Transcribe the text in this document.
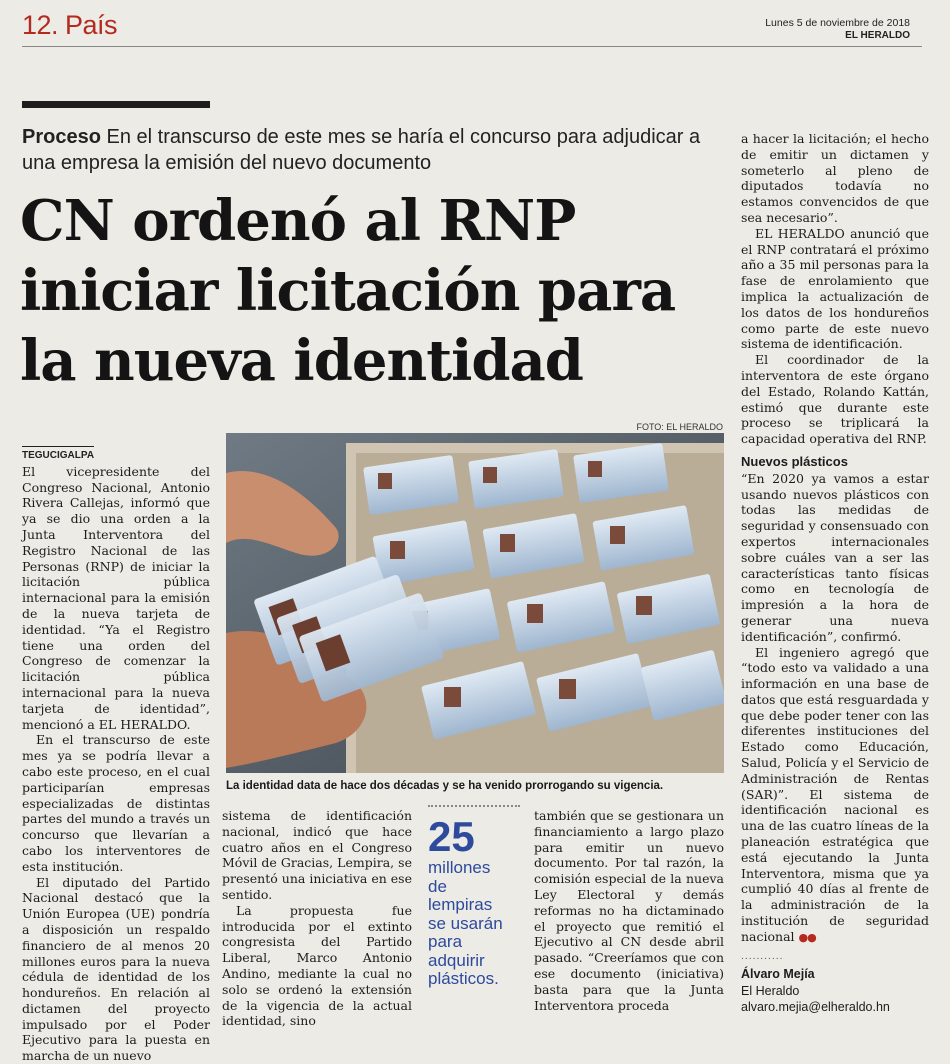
12. País	Lunes 5 de noviembre de 2018
EL HERALDO
Proceso En el transcurso de este mes se haría el concurso para adjudicar a una empresa la emisión del nuevo documento
CN ordenó al RNP
iniciar licitación para
la nueva identidad
TEGUCIGALPA

El vicepresidente del Congreso Nacional, Antonio Rivera Callejas, informó que ya se dio una orden a la Junta Interventora del Registro Nacional de las Personas (RNP) de iniciar la licitación pública internacional para la emisión de la nueva tarjeta de identidad. “Ya el Registro tiene una orden del Congreso de comenzar la licitación pública internacional para la nueva tarjeta de identidad”, mencionó a EL HERALDO.

En el transcurso de este mes ya se podría llevar a cabo este proceso, en el cual participarían empresas especializadas de distintas partes del mundo a través un concurso que llevarían a cabo los interventores de esta institución.

El diputado del Partido Nacional destacó que la Unión Europea (UE) pondría a disposición un respaldo financiero de al menos 20 millones euros para la nueva cédula de identidad de los hondureños. En relación al dictamen del proyecto impulsado por el Poder Ejecutivo para la puesta en marcha de un nuevo

FOTO: EL HERALDO
La identidad data de hace dos décadas y se ha venido prorrogando su vigencia.

sistema de identificación nacional, indicó que hace cuatro años en el Congreso Móvil de Gracias, Lempira, se presentó una iniciativa en ese sentido.

La propuesta fue introducida por el extinto congresista del Partido Liberal, Marco Antonio Andino, mediante la cual no solo se ordenó la extensión de la vigencia de la actual identidad, sino

25
millones
de
lempiras
se usarán
para
adquirir
plásticos.

también que se gestionara un financiamiento a largo plazo para emitir un nuevo documento. Por tal razón, la comisión especial de la nueva Ley Electoral y demás reformas no ha dictaminado el proyecto que remitió el Ejecutivo al CN desde abril pasado. “Creeríamos que con ese documento (iniciativa) basta para que la Junta Interventora proceda

a hacer la licitación; el hecho de emitir un dictamen y someterlo al pleno de diputados todavía no estamos convencidos de que sea necesario”.

EL HERALDO anunció que el RNP contratará el próximo año a 35 mil personas para la fase de enrolamiento que implica la actualización de los datos de los hondureños como parte de este nuevo sistema de identificación.

El coordinador de la interventora de este órgano del Estado, Rolando Kattán, estimó que durante este proceso se triplicará la capacidad operativa del RNP.

Nuevos plásticos

“En 2020 ya vamos a estar usando nuevos plásticos con todas las medidas de seguridad y consensuado con expertos internacionales sobre cuáles van a ser las características tanto físicas como en tecnología de impresión a la hora de generar una nueva identificación”, confirmó.

El ingeniero agregó que “todo esto va validado a una información en una base de datos que está resguardada y que debe poder tener con las diferentes instituciones del Estado como Educación, Salud, Policía y el Servicio de Administración de Rentas (SAR)”. El sistema de identificación nacional es una de las cuatro líneas de la planeación estratégica que está ejecutando la Junta Interventora, misma que ya cumplió 40 días al frente de la administración de la institución de seguridad nacional ●●

...........
Álvaro Mejía
El Heraldo
alvaro.mejia@elheraldo.hn
